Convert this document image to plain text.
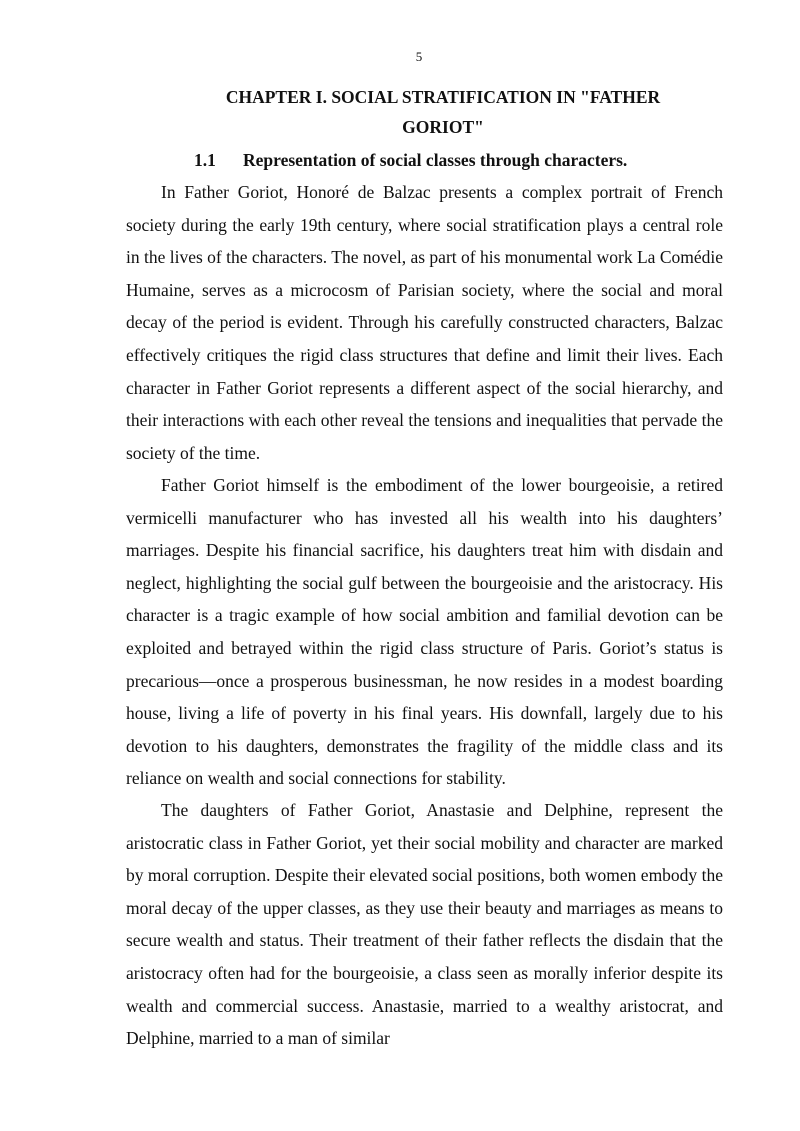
5
CHAPTER I. SOCIAL STRATIFICATION IN "FATHER GORIOT"
1.1 Representation of social classes through characters.

In Father Goriot, Honoré de Balzac presents a complex portrait of French society during the early 19th century, where social stratification plays a central role in the lives of the characters. The novel, as part of his monumental work La Comédie Humaine, serves as a microcosm of Parisian society, where the social and moral decay of the period is evident. Through his carefully constructed characters, Balzac effectively critiques the rigid class structures that define and limit their lives. Each character in Father Goriot represents a different aspect of the social hierarchy, and their interactions with each other reveal the tensions and inequalities that pervade the society of the time.

Father Goriot himself is the embodiment of the lower bourgeoisie, a retired vermicelli manufacturer who has invested all his wealth into his daughters’ marriages. Despite his financial sacrifice, his daughters treat him with disdain and neglect, highlighting the social gulf between the bourgeoisie and the aristocracy. His character is a tragic example of how social ambition and familial devotion can be exploited and betrayed within the rigid class structure of Paris. Goriot’s status is precarious—once a prosperous businessman, he now resides in a modest boarding house, living a life of poverty in his final years. His downfall, largely due to his devotion to his daughters, demonstrates the fragility of the middle class and its reliance on wealth and social connections for stability.

The daughters of Father Goriot, Anastasie and Delphine, represent the aristocratic class in Father Goriot, yet their social mobility and character are marked by moral corruption. Despite their elevated social positions, both women embody the moral decay of the upper classes, as they use their beauty and marriages as means to secure wealth and status. Their treatment of their father reflects the disdain that the aristocracy often had for the bourgeoisie, a class seen as morally inferior despite its wealth and commercial success. Anastasie, married to a wealthy aristocrat, and Delphine, married to a man of similar
